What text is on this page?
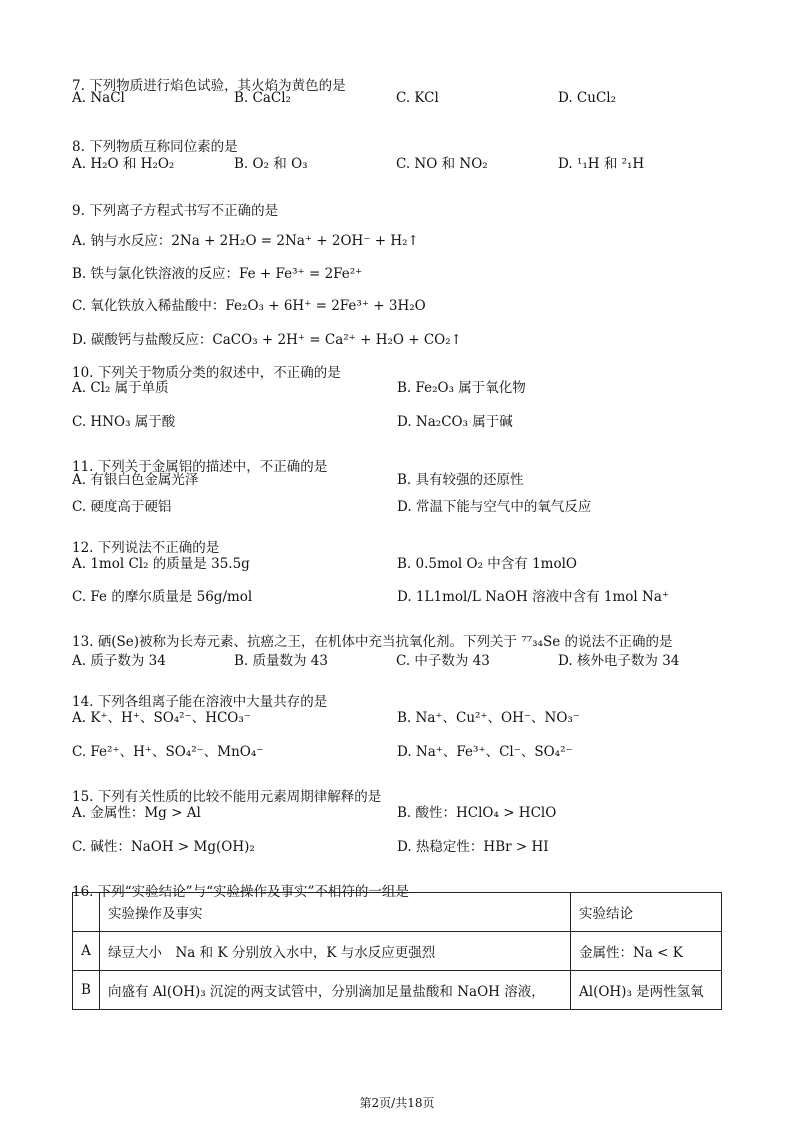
7. 下列物质进行焰色试验，其火焰为黄色的是

A. NaCl	B. CaCl₂	C. KCl	D. CuCl₂

8. 下列物质互称同位素的是

A. H₂O 和 H₂O₂	B. O₂ 和 O₃	C. NO 和 NO₂	D. ¹₁H 和 ²₁H

9. 下列离子方程式书写不正确的是

A. 钠与水反应：2Na + 2H₂O = 2Na⁺ + 2OH⁻ + H₂↑

B. 铁与氯化铁溶液的反应：Fe + Fe³⁺ = 2Fe²⁺

C. 氧化铁放入稀盐酸中：Fe₂O₃ + 6H⁺ = 2Fe³⁺ + 3H₂O

D. 碳酸钙与盐酸反应：CaCO₃ + 2H⁺ = Ca²⁺ + H₂O + CO₂↑

10. 下列关于物质分类的叙述中，不正确的是

A. Cl₂ 属于单质	B. Fe₂O₃ 属于氧化物
C. HNO₃ 属于酸	D. Na₂CO₃ 属于碱

11. 下列关于金属铝的描述中，不正确的是

A. 有银白色金属光泽	B. 具有较强的还原性
C. 硬度高于硬铝	D. 常温下能与空气中的氧气反应

12. 下列说法不正确的是

A. 1mol Cl₂ 的质量是 35.5g	B. 0.5mol O₂ 中含有 1molO
C. Fe 的摩尔质量是 56g/mol	D. 1L1mol/L NaOH 溶液中含有 1mol Na⁺

13. 硒(Se)被称为长寿元素、抗癌之王，在机体中充当抗氧化剂。下列关于 ⁷⁷₃₄Se 的说法不正确的是

A. 质子数为 34	B. 质量数为 43	C. 中子数为 43	D. 核外电子数为 34

14. 下列各组离子能在溶液中大量共存的是

A. K⁺、H⁺、SO₄²⁻、HCO₃⁻	B. Na⁺、Cu²⁺、OH⁻、NO₃⁻
C. Fe²⁺、H⁺、SO₄²⁻、MnO₄⁻	D. Na⁺、Fe³⁺、Cl⁻、SO₄²⁻

15. 下列有关性质的比较不能用元素周期律解释的是

A. 金属性：Mg > Al	B. 酸性：HClO₄ > HClO
C. 碱性：NaOH > Mg(OH)₂	D. 热稳定性：HBr > HI

16. 下列“实验结论”与“实验操作及事实”不相符的一组是

	实验操作及事实	实验结论
A	绿豆大小　Na 和 K 分别放入水中，K 与水反应更强烈	金属性：Na < K
B	向盛有 Al(OH)₃ 沉淀的两支试管中，分别滴加足量盐酸和 NaOH 溶液，	Al(OH)₃ 是两性氢氧
第2页/共18页
